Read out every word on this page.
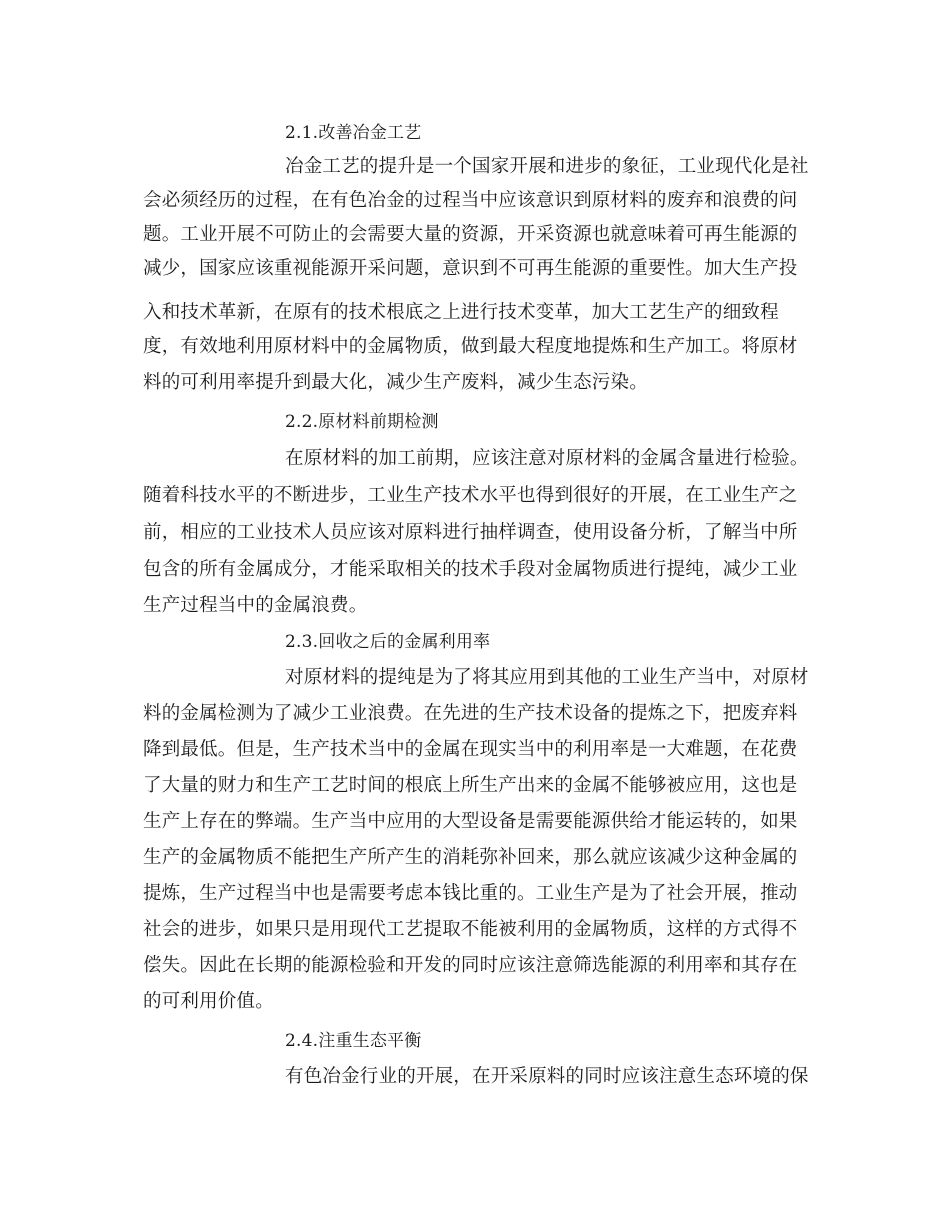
2.1.改善冶金工艺
冶金工艺的提升是一个国家开展和进步的象征，工业现代化是社
会必须经历的过程，在有色冶金的过程当中应该意识到原材料的废弃和浪费的问
题。工业开展不可防止的会需要大量的资源，开采资源也就意味着可再生能源的
减少，国家应该重视能源开采问题，意识到不可再生能源的重要性。加大生产投
入和技术革新，在原有的技术根底之上进行技术变革，加大工艺生产的细致程
度，有效地利用原材料中的金属物质，做到最大程度地提炼和生产加工。将原材
料的可利用率提升到最大化，减少生产废料，减少生态污染。
2.2.原材料前期检测
在原材料的加工前期，应该注意对原材料的金属含量进行检验。
随着科技水平的不断进步，工业生产技术水平也得到很好的开展，在工业生产之
前，相应的工业技术人员应该对原料进行抽样调查，使用设备分析，了解当中所
包含的所有金属成分，才能采取相关的技术手段对金属物质进行提纯，减少工业
生产过程当中的金属浪费。
2.3.回收之后的金属利用率
对原材料的提纯是为了将其应用到其他的工业生产当中，对原材
料的金属检测为了减少工业浪费。在先进的生产技术设备的提炼之下，把废弃料
降到最低。但是，生产技术当中的金属在现实当中的利用率是一大难题，在花费
了大量的财力和生产工艺时间的根底上所生产出来的金属不能够被应用，这也是
生产上存在的弊端。生产当中应用的大型设备是需要能源供给才能运转的，如果
生产的金属物质不能把生产所产生的消耗弥补回来，那么就应该减少这种金属的
提炼，生产过程当中也是需要考虑本钱比重的。工业生产是为了社会开展，推动
社会的进步，如果只是用现代工艺提取不能被利用的金属物质，这样的方式得不
偿失。因此在长期的能源检验和开发的同时应该注意筛选能源的利用率和其存在
的可利用价值。
2.4.注重生态平衡
有色冶金行业的开展，在开采原料的同时应该注意生态环境的保
